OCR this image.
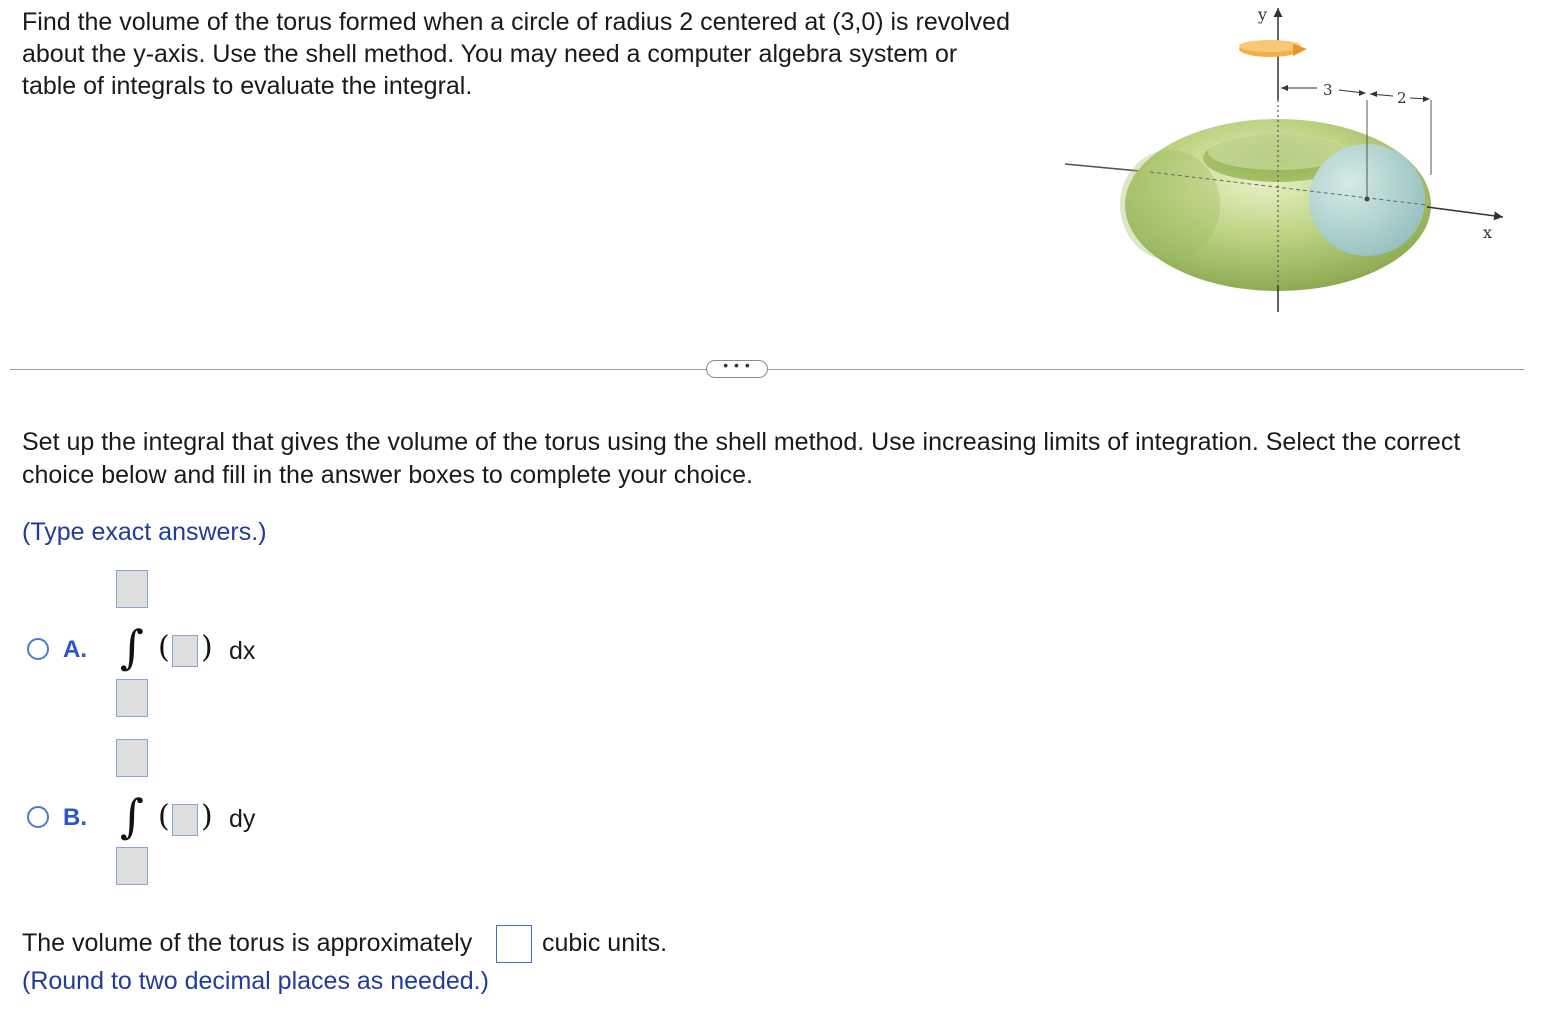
Find the volume of the torus formed when a circle of radius 2 centered at (3,0) is revolved about the y-axis. Use the shell method. You may need a computer algebra system or table of integrals to evaluate the integral.	3	2
y
x
• • •

Set up the integral that gives the volume of the torus using the shell method. Use increasing limits of integration. Select the correct choice below and fill in the answer boxes to complete your choice.

(Type exact answers.)

A. ∫ ( ) dx
B. ∫ ( ) dy
The volume of the torus is approximately	cubic units.

(Round to two decimal places as needed.)
